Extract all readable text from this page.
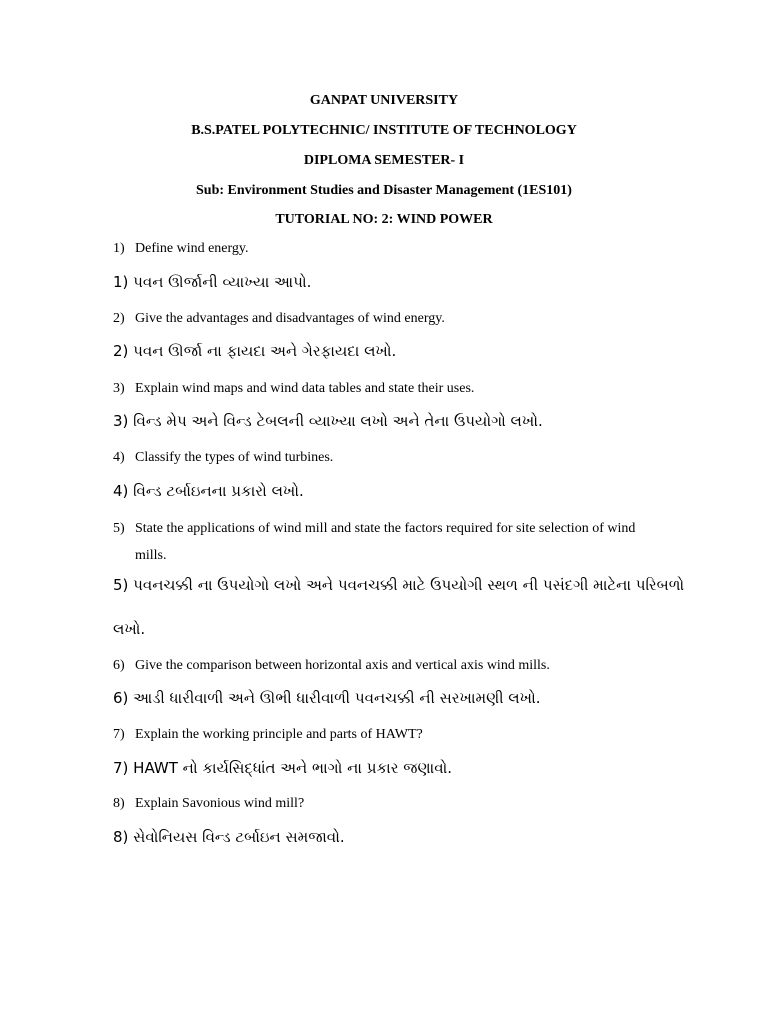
GANPAT UNIVERSITY
B.S.PATEL POLYTECHNIC/ INSTITUTE OF TECHNOLOGY
DIPLOMA SEMESTER- I
Sub: Environment Studies and Disaster Management (1ES101)
TUTORIAL NO: 2: WIND POWER
1) Define wind energy.
1) પવન ઊર્જાની વ્યાખ્યા આપો.
2) Give the advantages and disadvantages of wind energy.
2) પવન ઊર્જા ના ફાયદા અને ગેરફાયદા લખો.
3) Explain wind maps and wind data tables and state their uses.
3) વિન્ડ મેપ અને વિન્ડ ટેબલની વ્યાખ્યા લખો અને તેના ઉપયોગો લખો.
4) Classify the types of wind turbines.
4) વિન્ડ ટર્બાઇનના પ્રકારો લખો.
5) State the applications of wind mill and state the factors required for site selection of wind
mills.
5) પવનચક્કી ના ઉપયોગો લખો અને પવનચક્કી માટે ઉપયોગી સ્થળ ની પસંદગી માટેના પરિબળો
લખો.
6) Give the comparison between horizontal axis and vertical axis wind mills.
6) આડી ધારીવાળી અને ઊભી ધારીવાળી પવનચક્કી ની સરખામણી લખો.
7) Explain the working principle and parts of HAWT?
7) HAWT નો કાર્યસિદ્ધાંત અને ભાગો ના પ્રકાર જણાવો.
8) Explain Savonious wind mill?
8) સેવોનિયસ વિન્ડ ટર્બાઇન સમજાવો.
